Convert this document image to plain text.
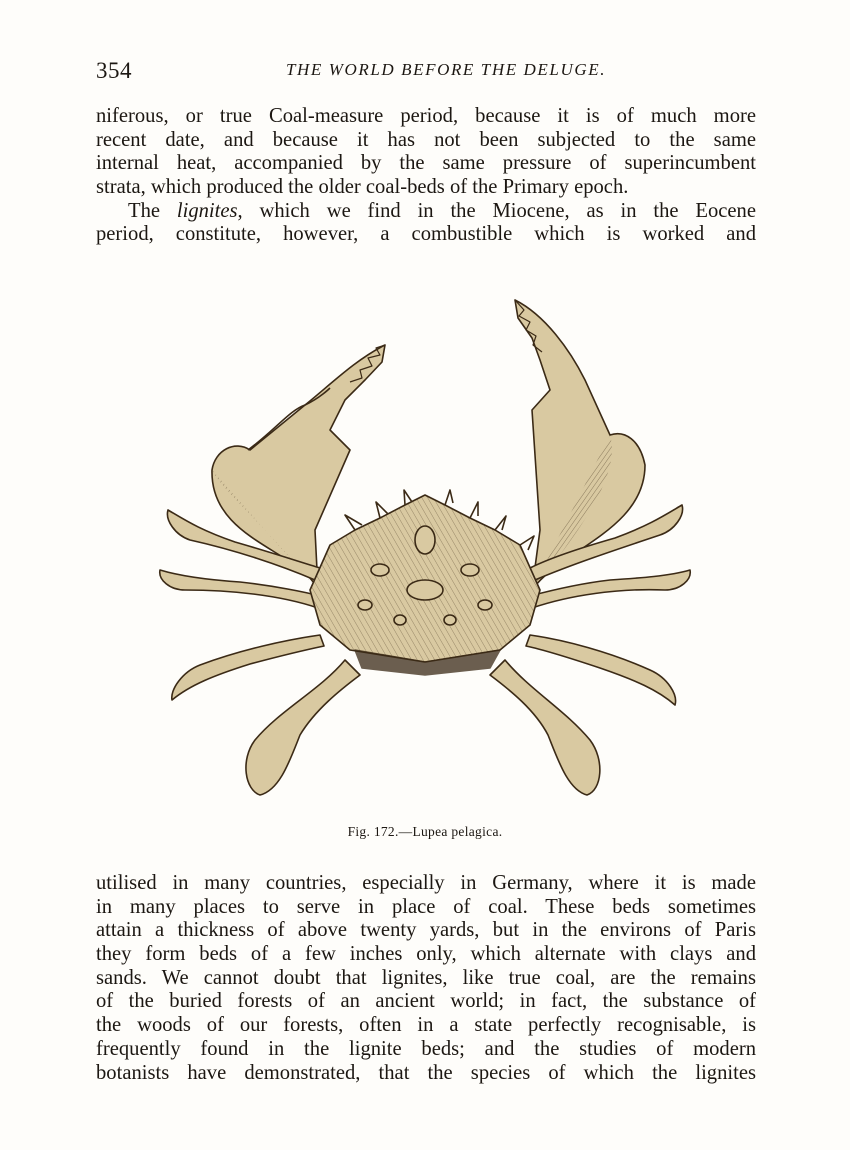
354	THE WORLD BEFORE THE DELUGE.
niferous, or true Coal-measure period, because it is of much more
recent date, and because it has not been subjected to the same
internal heat, accompanied by the same pressure of superincumbent
strata, which produced the older coal-beds of the Primary epoch.
The lignites, which we find in the Miocene, as in the Eocene
period, constitute, however, a combustible which is worked and
Fig. 172.—Lupea pelagica.
utilised in many countries, especially in Germany, where it is made
in many places to serve in place of coal. These beds sometimes
attain a thickness of above twenty yards, but in the environs of Paris
they form beds of a few inches only, which alternate with clays and
sands. We cannot doubt that lignites, like true coal, are the remains
of the buried forests of an ancient world; in fact, the substance of
the woods of our forests, often in a state perfectly recognisable, is
frequently found in the lignite beds; and the studies of modern
botanists have demonstrated, that the species of which the lignites
